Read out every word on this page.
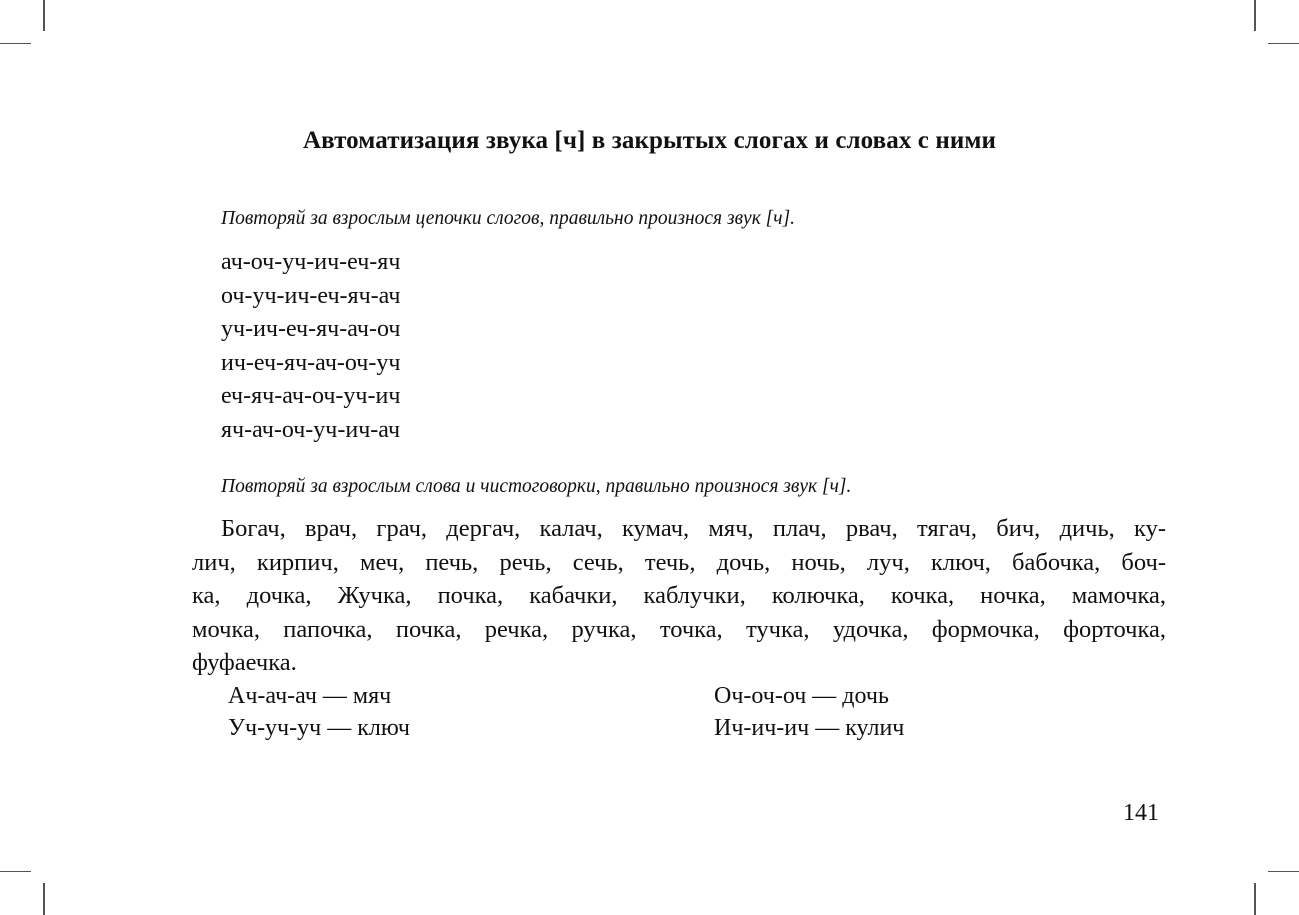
Автоматизация звука [ч] в закрытых слогах и словах с ними
Повторяй за взрослым цепочки слогов, правильно произнося звук [ч].
ач-оч-уч-ич-еч-яч
оч-уч-ич-еч-яч-ач
уч-ич-еч-яч-ач-оч
ич-еч-яч-ач-оч-уч
еч-яч-ач-оч-уч-ич
яч-ач-оч-уч-ич-ач
Повторяй за взрослым слова и чистоговорки, правильно произнося звук [ч].
Богач, врач, грач, дергач, калач, кумач, мяч, плач, рвач, тягач, бич, дичь, ку-
лич, кирпич, меч, печь, речь, сечь, течь, дочь, ночь, луч, ключ, бабочка, боч-
ка, дочка, Жучка, почка, кабачки, каблучки, колючка, кочка, ночка, мамочка,
мочка, папочка, почка, речка, ручка, точка, тучка, удочка, формочка, форточка,
фуфаечка.
Ач-ач-ач — мяч	Оч-оч-оч — дочь
Уч-уч-уч — ключ	Ич-ич-ич — кулич
141
